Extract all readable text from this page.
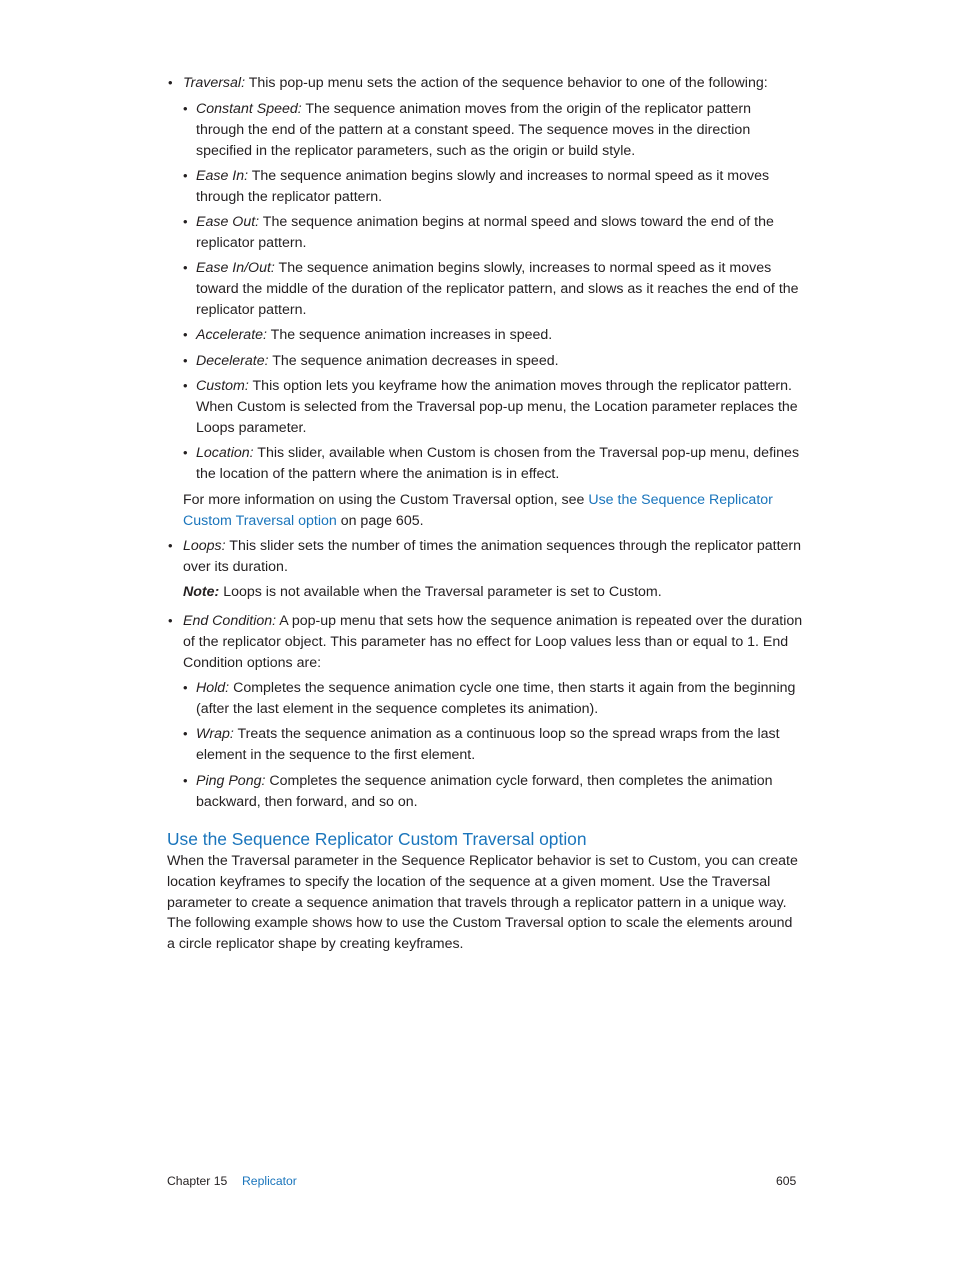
• Traversal: This pop-up menu sets the action of the sequence behavior to one of the following:
• Constant Speed: The sequence animation moves from the origin of the replicator pattern through the end of the pattern at a constant speed. The sequence moves in the direction specified in the replicator parameters, such as the origin or build style.
• Ease In: The sequence animation begins slowly and increases to normal speed as it moves through the replicator pattern.
• Ease Out: The sequence animation begins at normal speed and slows toward the end of the replicator pattern.
• Ease In/Out: The sequence animation begins slowly, increases to normal speed as it moves toward the middle of the duration of the replicator pattern, and slows as it reaches the end of the replicator pattern.
• Accelerate: The sequence animation increases in speed.
• Decelerate: The sequence animation decreases in speed.
• Custom: This option lets you keyframe how the animation moves through the replicator pattern. When Custom is selected from the Traversal pop-up menu, the Location parameter replaces the Loops parameter.
• Location: This slider, available when Custom is chosen from the Traversal pop-up menu, defines the location of the pattern where the animation is in effect.
For more information on using the Custom Traversal option, see Use the Sequence Replicator Custom Traversal option on page 605.
• Loops: This slider sets the number of times the animation sequences through the replicator pattern over its duration.
Note: Loops is not available when the Traversal parameter is set to Custom.
• End Condition: A pop-up menu that sets how the sequence animation is repeated over the duration of the replicator object. This parameter has no effect for Loop values less than or equal to 1. End Condition options are:
• Hold: Completes the sequence animation cycle one time, then starts it again from the beginning (after the last element in the sequence completes its animation).
• Wrap: Treats the sequence animation as a continuous loop so the spread wraps from the last element in the sequence to the first element.
• Ping Pong: Completes the sequence animation cycle forward, then completes the animation backward, then forward, and so on.
Use the Sequence Replicator Custom Traversal option
When the Traversal parameter in the Sequence Replicator behavior is set to Custom, you can create location keyframes to specify the location of the sequence at a given moment. Use the Traversal parameter to create a sequence animation that travels through a replicator pattern in a unique way. The following example shows how to use the Custom Traversal option to scale the elements around a circle replicator shape by creating keyframes.
Chapter 15 Replicator	605
